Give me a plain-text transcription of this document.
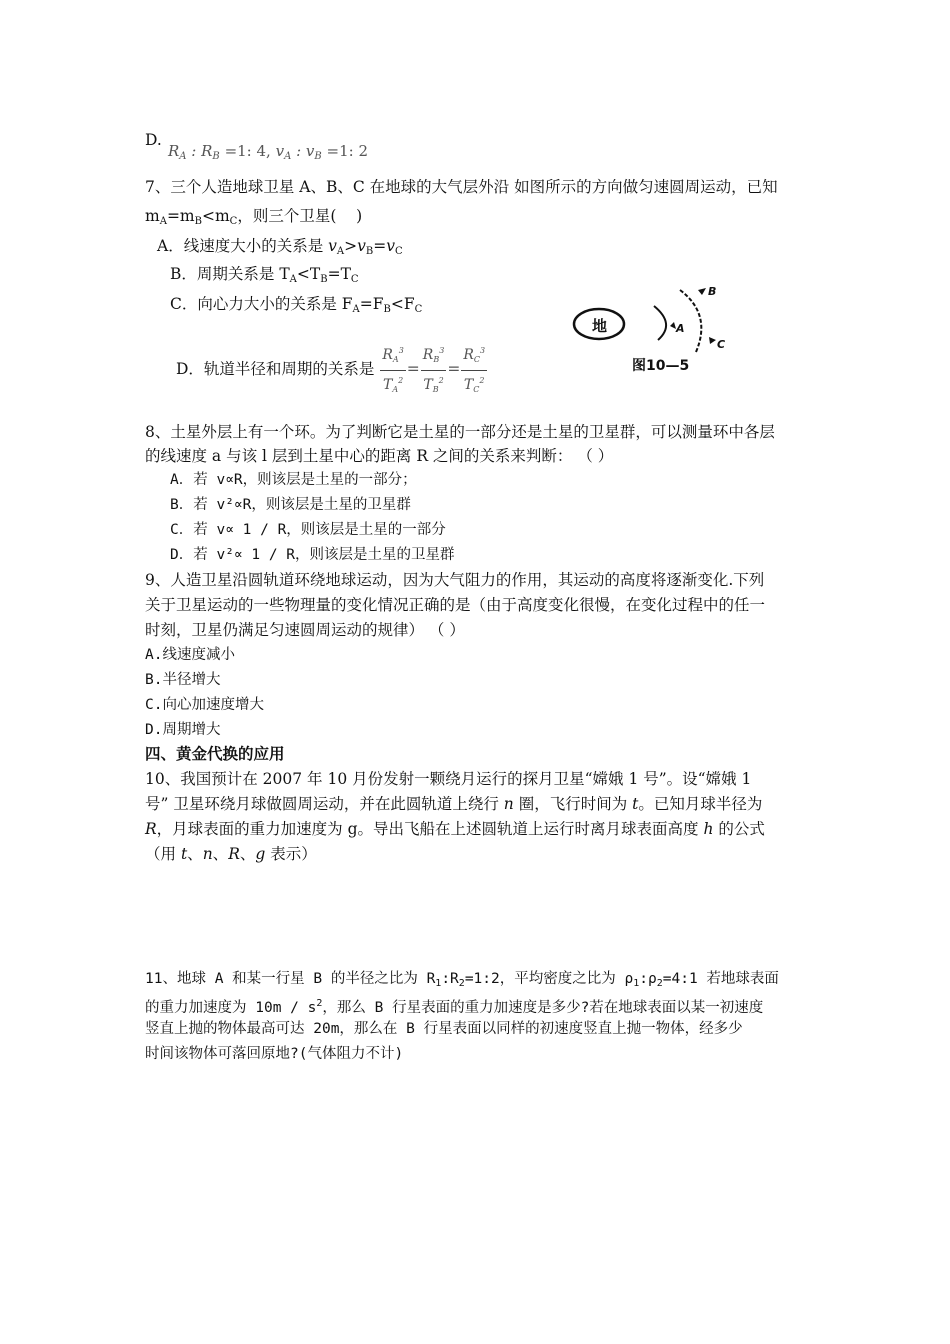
D.
$R_A$ : $R_B =1$: 4, $v_A$ : $v_B =1$: 2
7、三个人造地球卫星 A、B、C 在地球的大气层外沿 如图所示的方向做匀速圆周运动，已知
$m_A=m_B<m_C$，则三个卫星(    )
A．线速度大小的关系是 $v_A>v_B=v_C$
B．周期关系是 $T_A<T_B=T_C$
C．向心力大小的关系是 $F_A=F_B<F_C$
D．轨道半径和周期的关系是 $\frac{R_A^3}{T_A^2} = \frac{R_B^3}{T_B^2} = \frac{R_C^3}{T_C^2}$
地	A
B
C
图10—5
8、土星外层上有一个环。为了判断它是土星的一部分还是土星的卫星群，可以测量环中各层
的线速度 a 与该 l 层到土星中心的距离 R 之间的关系来判断： （ ）
A．若 v∝R，则该层是土星的一部分；
B．若 v²∝R，则该层是土星的卫星群
C．若 v∝ 1 / R，则该层是土星的一部分
D．若 v²∝ 1 / R，则该层是土星的卫星群
9、人造卫星沿圆轨道环绕地球运动，因为大气阻力的作用，其运动的高度将逐渐变化.下列
关于卫星运动的一些物理量的变化情况正确的是（由于高度变化很慢，在变化过程中的任一
时刻，卫星仍满足匀速圆周运动的规律） （ ）
A.线速度减小
B.半径增大
C.向心加速度增大
D.周期增大
四、黄金代换的应用
10、我国预计在 2007 年 10 月份发射一颗绕月运行的探月卫星“嫦娥 1 号”。设“嫦娥 1
号” 卫星环绕月球做圆周运动，并在此圆轨道上绕行 n 圈，飞行时间为 t。已知月球半径为
R，月球表面的重力加速度为 g。导出飞船在上述圆轨道上运行时离月球表面高度 h 的公式
（用 t、n、R、g 表示）
11、地球 A 和某一行星 B 的半径之比为 $R_1:R_2=1:2$，平均密度之比为 $\rho_1:\rho_2=4:1$ 若地球表面
的重力加速度为 $10m / s^2$，那么 B 行星表面的重力加速度是多少?若在地球表面以某一初速度
竖直上抛的物体最高可达 20m，那么在 B 行星表面以同样的初速度竖直上抛一物体，经多少
时间该物体可落回原地?(气体阻力不计)
